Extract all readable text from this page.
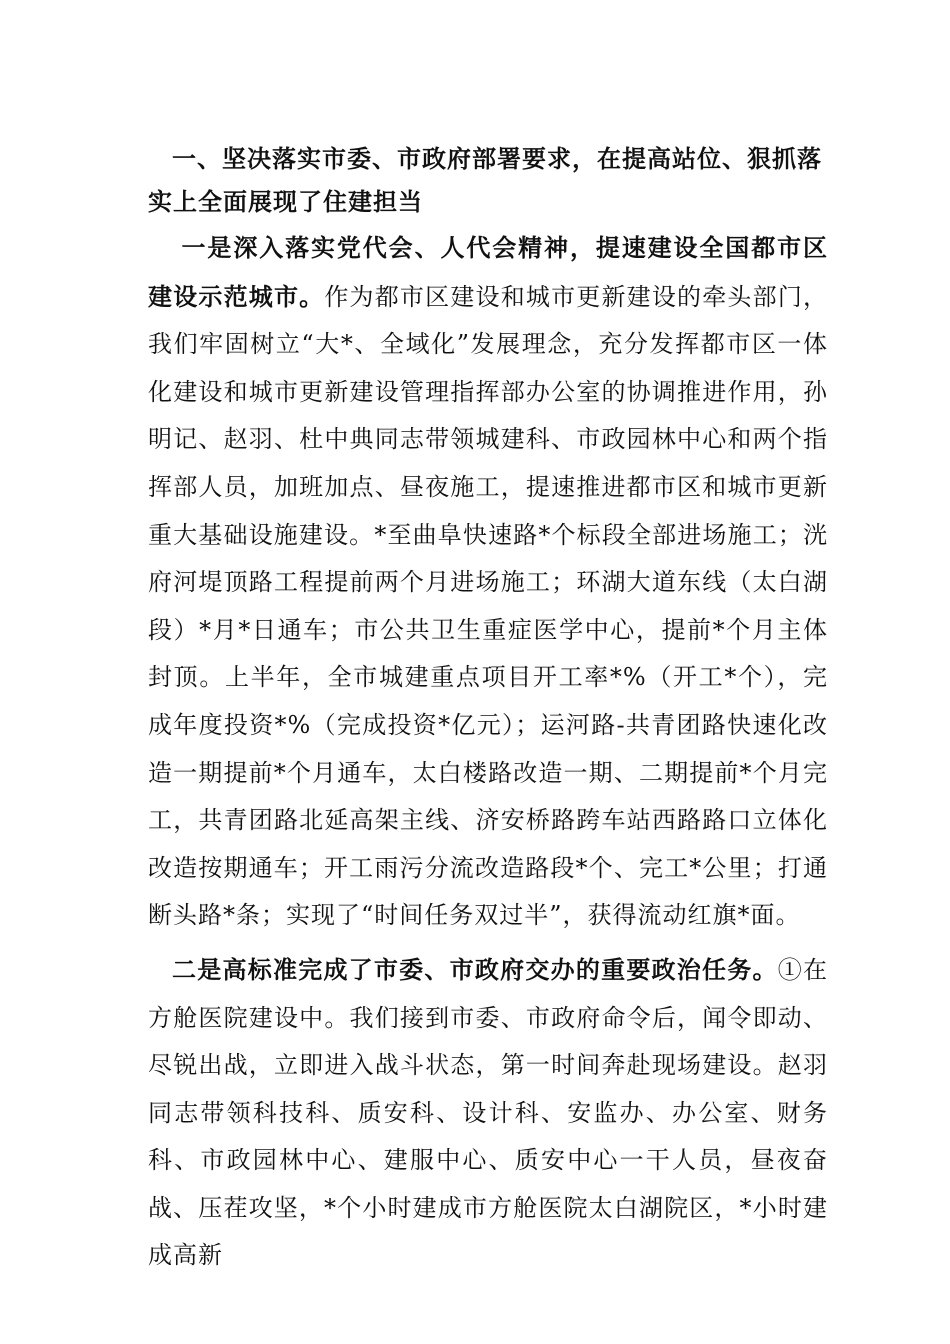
一、坚决落实市委、市政府部署要求，在提高站位、狠抓落实上全面展现了住建担当

一是深入落实党代会、人代会精神，提速建设全国都市区建设示范城市。作为都市区建设和城市更新建设的牵头部门，我们牢固树立“大*、全域化”发展理念，充分发挥都市区一体化建设和城市更新建设管理指挥部办公室的协调推进作用，孙明记、赵羽、杜中典同志带领城建科、市政园林中心和两个指挥部人员，加班加点、昼夜施工，提速推进都市区和城市更新重大基础设施建设。*至曲阜快速路*个标段全部进场施工；洸府河堤顶路工程提前两个月进场施工；环湖大道东线（太白湖段）*月*日通车；市公共卫生重症医学中心，提前*个月主体封顶。上半年，全市城建重点项目开工率*%（开工*个），完成年度投资*%（完成投资*亿元）；运河路-共青团路快速化改造一期提前*个月通车，太白楼路改造一期、二期提前*个月完工，共青团路北延高架主线、济安桥路跨车站西路路口立体化改造按期通车；开工雨污分流改造路段*个、完工*公里；打通断头路*条；实现了“时间任务双过半”，获得流动红旗*面。

二是高标准完成了市委、市政府交办的重要政治任务。①在方舱医院建设中。我们接到市委、市政府命令后，闻令即动、尽锐出战，立即进入战斗状态，第一时间奔赴现场建设。赵羽同志带领科技科、质安科、设计科、安监办、办公室、财务科、市政园林中心、建服中心、质安中心一干人员，昼夜奋战、压茬攻坚，*个小时建成市方舱医院太白湖院区，*小时建成高新
